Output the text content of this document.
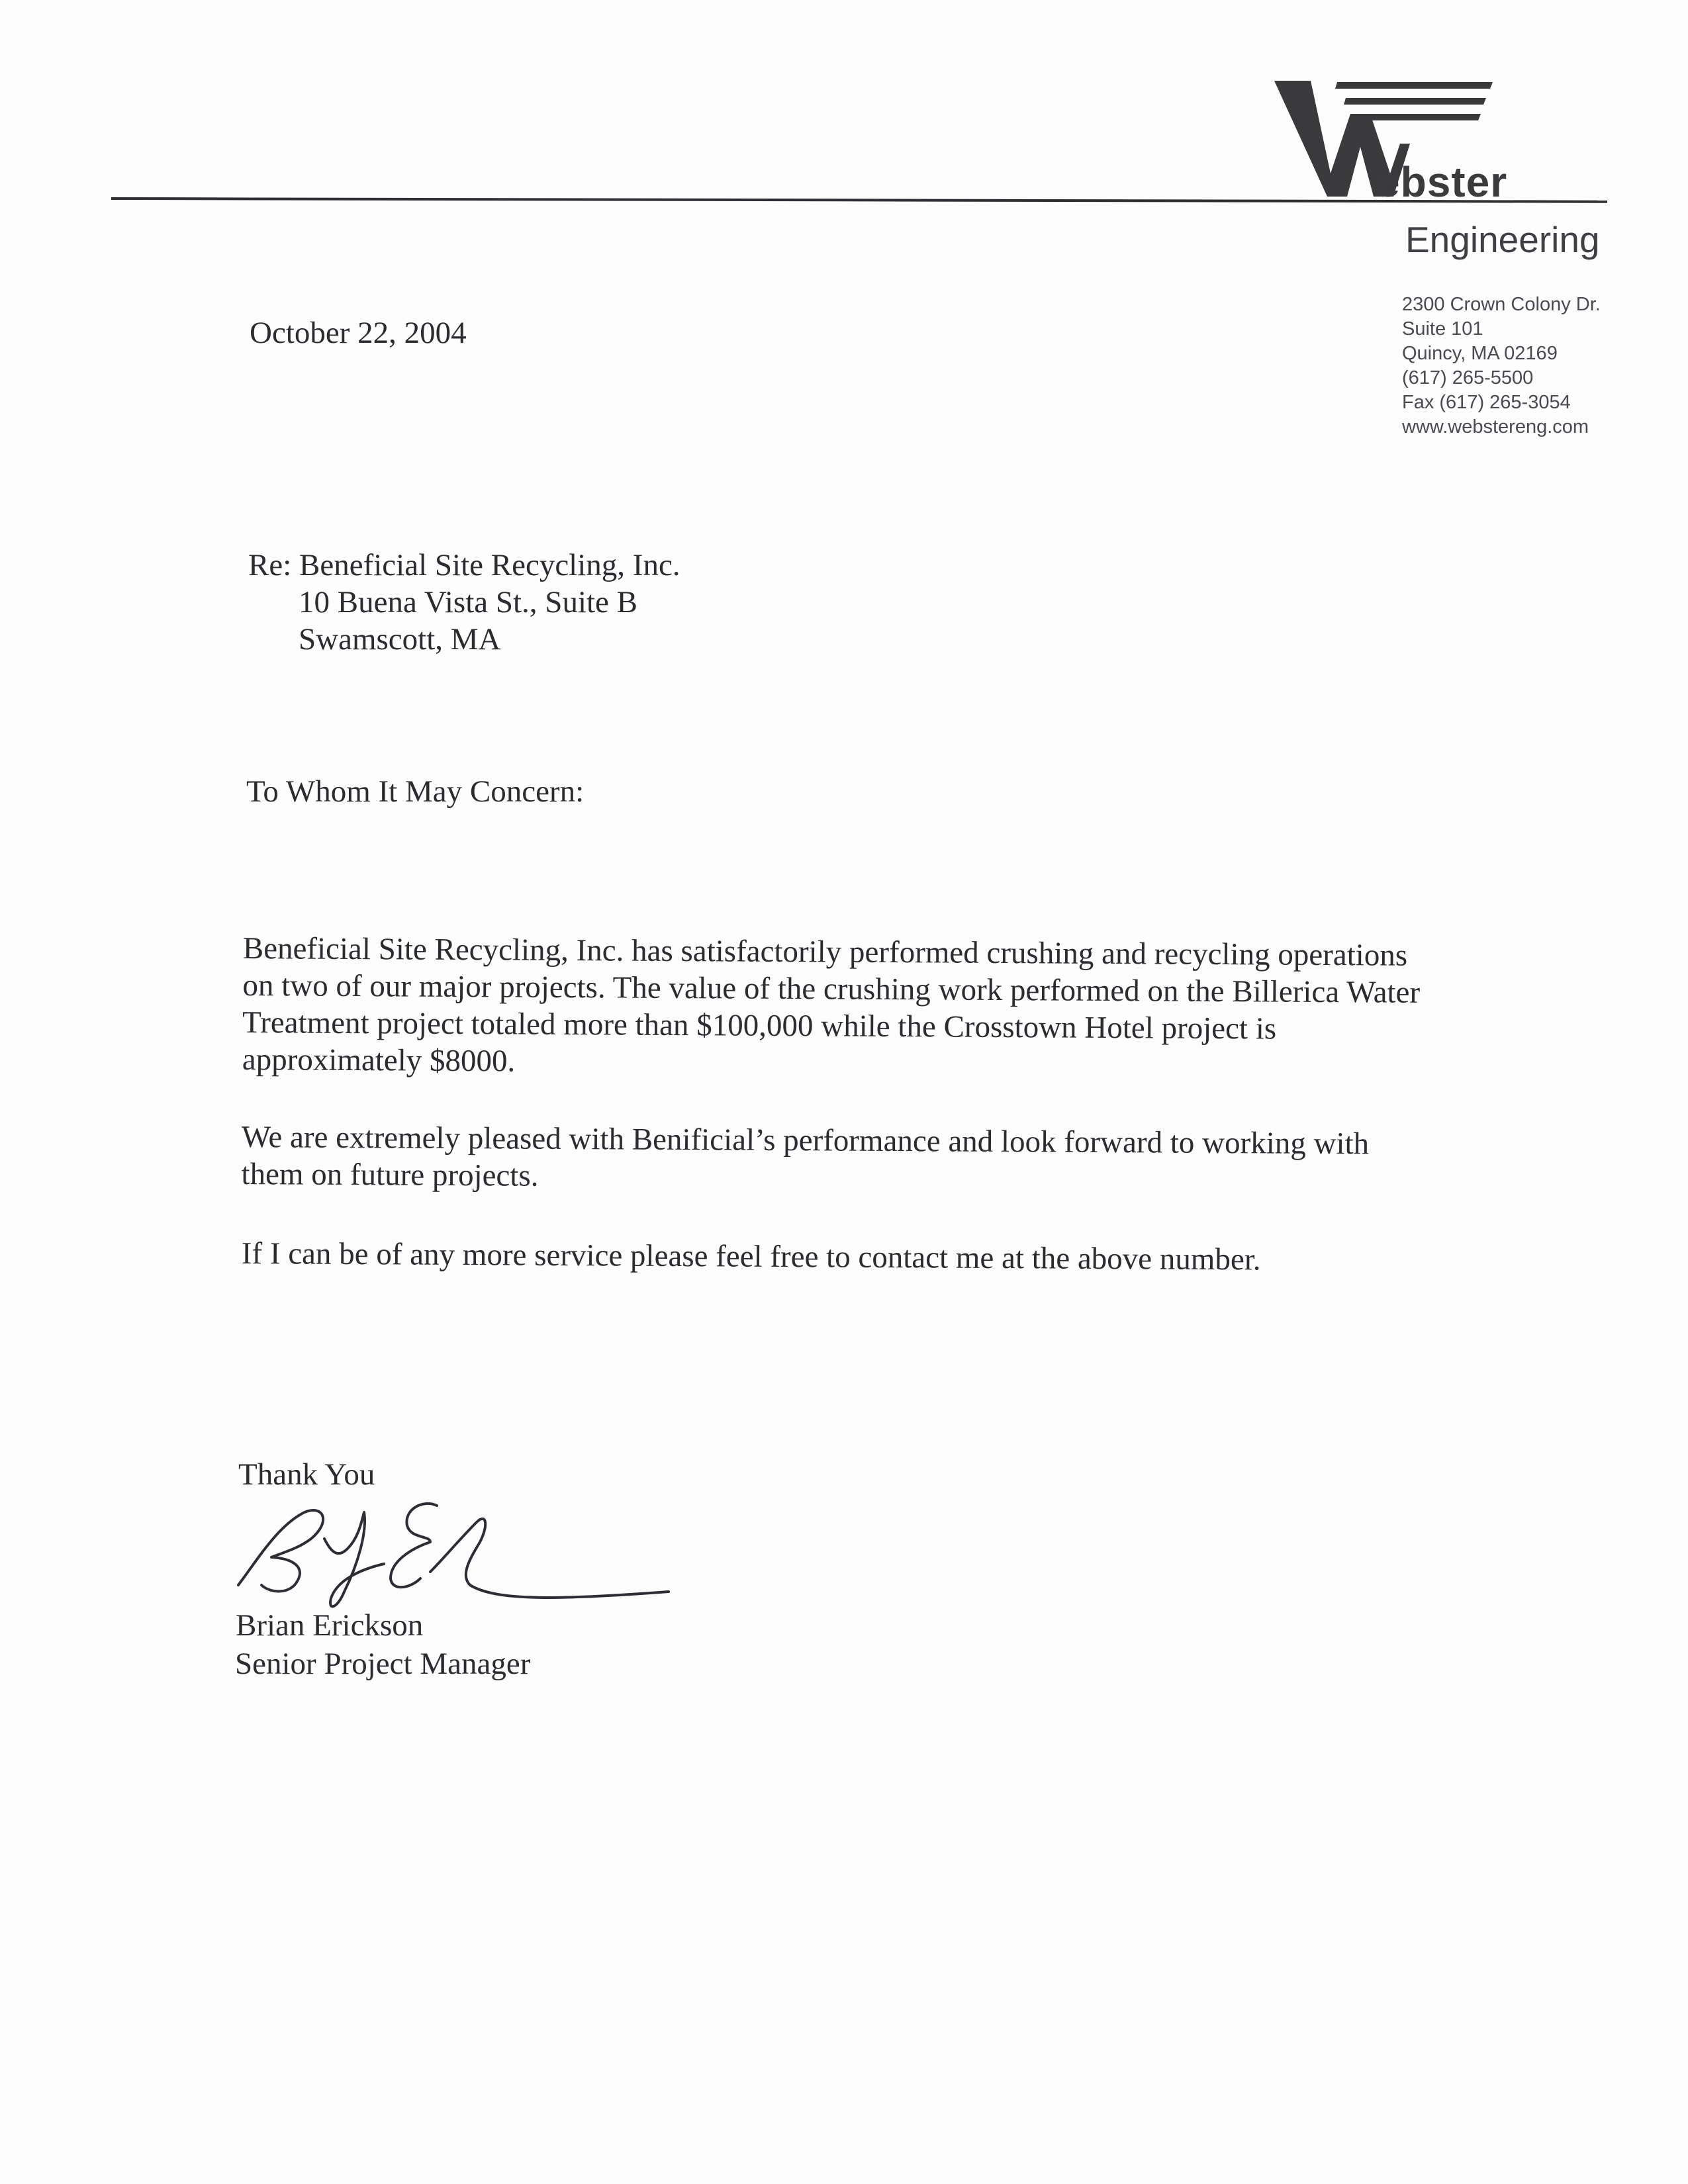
ebster
Engineering
2300 Crown Colony Dr.
Suite 101
Quincy, MA 02169
(617) 265-5500
Fax (617) 265-3054
www.webstereng.com
October 22, 2004
Re: Beneficial Site Recycling, Inc.
10 Buena Vista St., Suite B
Swamscott, MA
To Whom It May Concern:
Beneficial Site Recycling, Inc. has satisfactorily performed crushing and recycling operations on two of our major projects. The value of the crushing work performed on the Billerica Water Treatment project totaled more than $100,000 while the Crosstown Hotel project is approximately $8000.
We are extremely pleased with Benificial’s performance and look forward to working with them on future projects.
If I can be of any more service please feel free to contact me at the above number.
Thank You
Brian Erickson
Senior Project Manager
